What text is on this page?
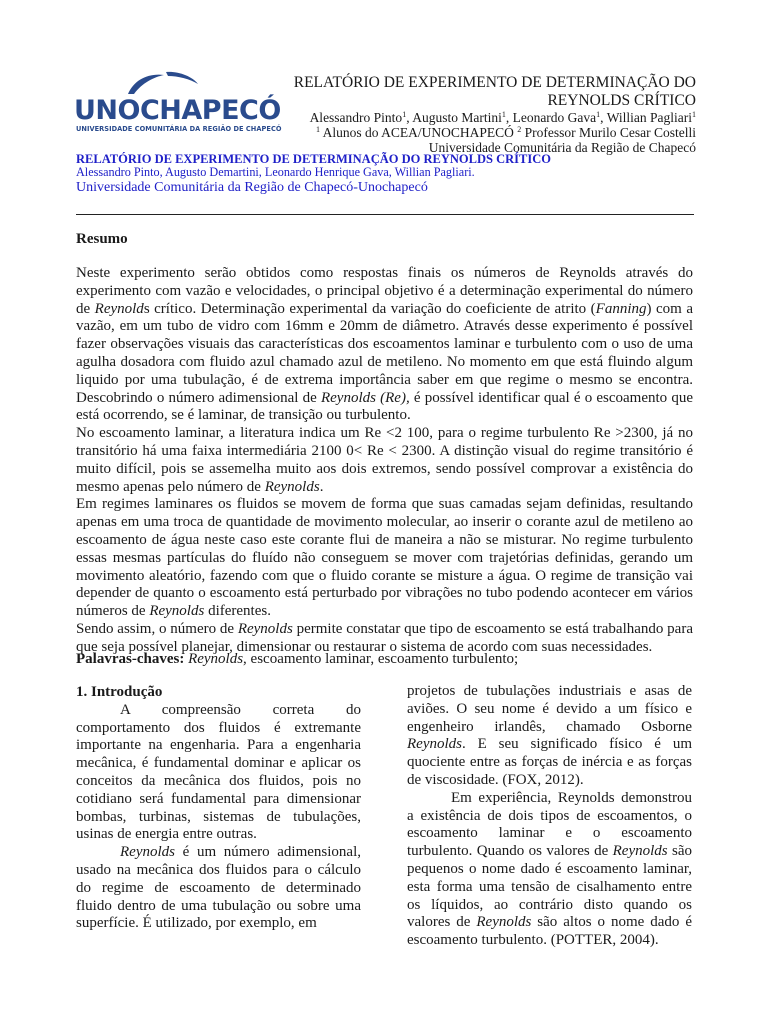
UNOCHAPECÓ
UNIVERSIDADE COMUNITÁRIA DA REGIÃO DE CHAPECÓ
RELATÓRIO DE EXPERIMENTO DE DETERMINAÇÃO DO REYNOLDS CRÍTICO
Alessandro Pinto$^1$, Augusto Martini$^1$, Leonardo Gava$^1$, Willian Pagliari$^1$
$^1$ Alunos do ACEA/UNOCHAPECÓ $^2$ Professor Murilo Cesar Costelli
Universidade Comunitária da Região de Chapecó
RELATÓRIO DE EXPERIMENTO DE DETERMINAÇÃO DO REYNOLDS CRÍTICO
Alessandro Pinto, Augusto Demartini, Leonardo Henrique Gava, Willian Pagliari.
Universidade Comunitária da Região de Chapecó-Unochapecó
Resumo

Neste experimento serão obtidos como respostas finais os números de Reynolds através do experimento com vazão e velocidades, o principal objetivo é a determinação experimental do número de Reynolds crítico. Determinação experimental da variação do coeficiente de atrito (Fanning) com a vazão, em um tubo de vidro com 16mm e 20mm de diâmetro. Através desse experimento é possível fazer observações visuais das características dos escoamentos laminar e turbulento com o uso de uma agulha dosadora com fluido azul chamado azul de metileno. No momento em que está fluindo algum liquido por uma tubulação, é de extrema importância saber em que regime o mesmo se encontra. Descobrindo o número adimensional de Reynolds (Re), é possível identificar qual é o escoamento que está ocorrendo, se é laminar, de transição ou turbulento.

No escoamento laminar, a literatura indica um Re <2 100, para o regime turbulento Re >2300, já no transitório há uma faixa intermediária 2100 0< Re < 2300. A distinção visual do regime transitório é muito difícil, pois se assemelha muito aos dois extremos, sendo possível comprovar a existência do mesmo apenas pelo número de Reynolds.

Em regimes laminares os fluidos se movem de forma que suas camadas sejam definidas, resultando apenas em uma troca de quantidade de movimento molecular, ao inserir o corante azul de metileno ao escoamento de água neste caso este corante flui de maneira a não se misturar. No regime turbulento essas mesmas partículas do fluído não conseguem se mover com trajetórias definidas, gerando um movimento aleatório, fazendo com que o fluido corante se misture a água. O regime de transição vai depender de quanto o escoamento está perturbado por vibrações no tubo podendo acontecer em vários números de Reynolds diferentes.

Sendo assim, o número de Reynolds permite constatar que tipo de escoamento se está trabalhando para que seja possível planejar, dimensionar ou restaurar o sistema de acordo com suas necessidades.

Palavras-chaves: Reynolds, escoamento laminar, escoamento turbulento;

1. Introdução

A compreensão correta do comportamento dos fluidos é extremante importante na engenharia. Para a engenharia mecânica, é fundamental dominar e aplicar os conceitos da mecânica dos fluidos, pois no cotidiano será fundamental para dimensionar bombas, turbinas, sistemas de tubulações, usinas de energia entre outras.

Reynolds é um número adimensional, usado na mecânica dos fluidos para o cálculo do regime de escoamento de determinado fluido dentro de uma tubulação ou sobre uma superfície. É utilizado, por exemplo, em

projetos de tubulações industriais e asas de aviões. O seu nome é devido a um físico e engenheiro irlandês, chamado Osborne Reynolds. E seu significado físico é um quociente entre as forças de inércia e as forças de viscosidade. (FOX, 2012).

Em experiência, Reynolds demonstrou a existência de dois tipos de escoamentos, o escoamento laminar e o escoamento turbulento. Quando os valores de Reynolds são pequenos o nome dado é escoamento laminar, esta forma uma tensão de cisalhamento entre os líquidos, ao contrário disto quando os valores de Reynolds são altos o nome dado é escoamento turbulento. (POTTER, 2004).
